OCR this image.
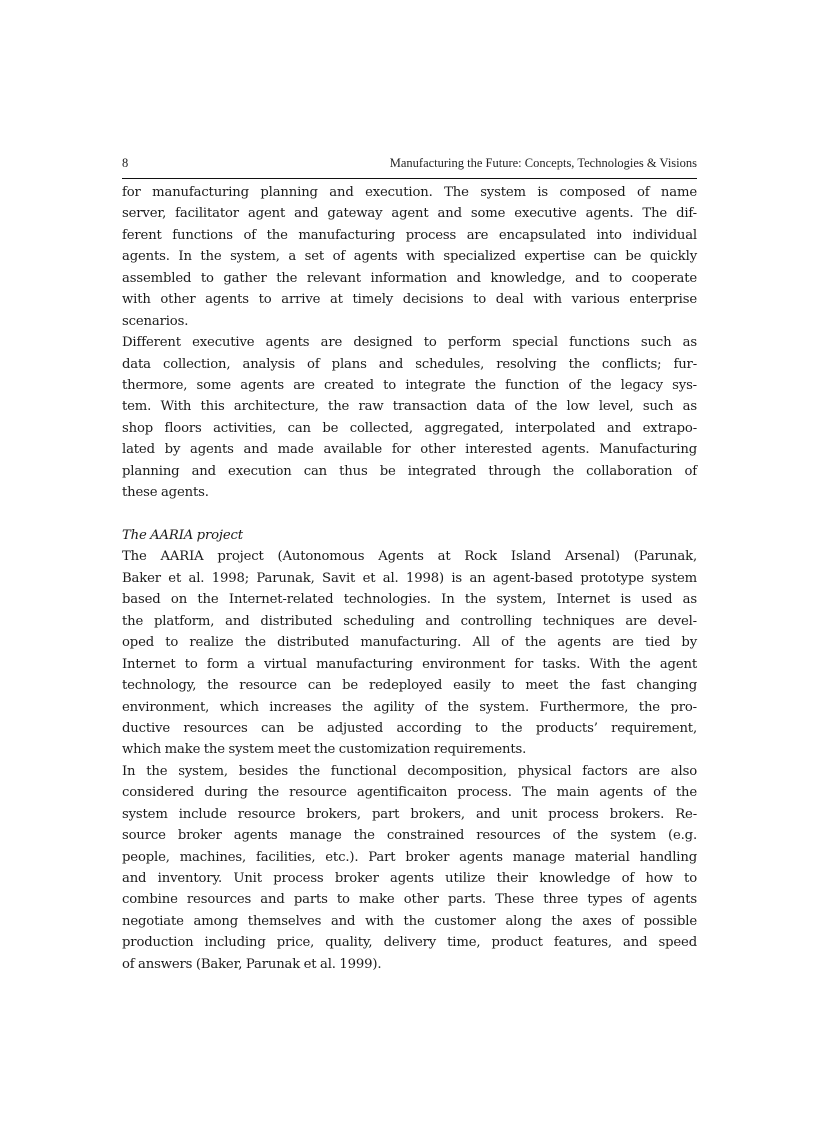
8	Manufacturing the Future: Concepts, Technologies & Visions
for manufacturing planning and execution. The system is composed of name
server, facilitator agent and gateway agent and some executive agents. The dif-
ferent functions of the manufacturing process are encapsulated into individual
agents. In the system, a set of agents with specialized expertise can be quickly
assembled to gather the relevant information and knowledge, and to cooperate
with other agents to arrive at timely decisions to deal with various enterprise
scenarios.
Different executive agents are designed to perform special functions such as
data collection, analysis of plans and schedules, resolving the conflicts; fur-
thermore, some agents are created to integrate the function of the legacy sys-
tem. With this architecture, the raw transaction data of the low level, such as
shop floors activities, can be collected, aggregated, interpolated and extrapo-
lated by agents and made available for other interested agents. Manufacturing
planning and execution can thus be integrated through the collaboration of
these agents.
The AARIA project
The AARIA project (Autonomous Agents at Rock Island Arsenal) (Parunak,
Baker et al. 1998; Parunak, Savit et al. 1998) is an agent-based prototype system
based on the Internet-related technologies. In the system, Internet is used as
the platform, and distributed scheduling and controlling techniques are devel-
oped to realize the distributed manufacturing. All of the agents are tied by
Internet to form a virtual manufacturing environment for tasks. With the agent
technology, the resource can be redeployed easily to meet the fast changing
environment, which increases the agility of the system. Furthermore, the pro-
ductive resources can be adjusted according to the products’ requirement,
which make the system meet the customization requirements.
In the system, besides the functional decomposition, physical factors are also
considered during the resource agentificaiton process. The main agents of the
system include resource brokers, part brokers, and unit process brokers. Re-
source broker agents manage the constrained resources of the system (e.g.
people, machines, facilities, etc.). Part broker agents manage material handling
and inventory. Unit process broker agents utilize their knowledge of how to
combine resources and parts to make other parts. These three types of agents
negotiate among themselves and with the customer along the axes of possible
production including price, quality, delivery time, product features, and speed
of answers (Baker, Parunak et al. 1999).
